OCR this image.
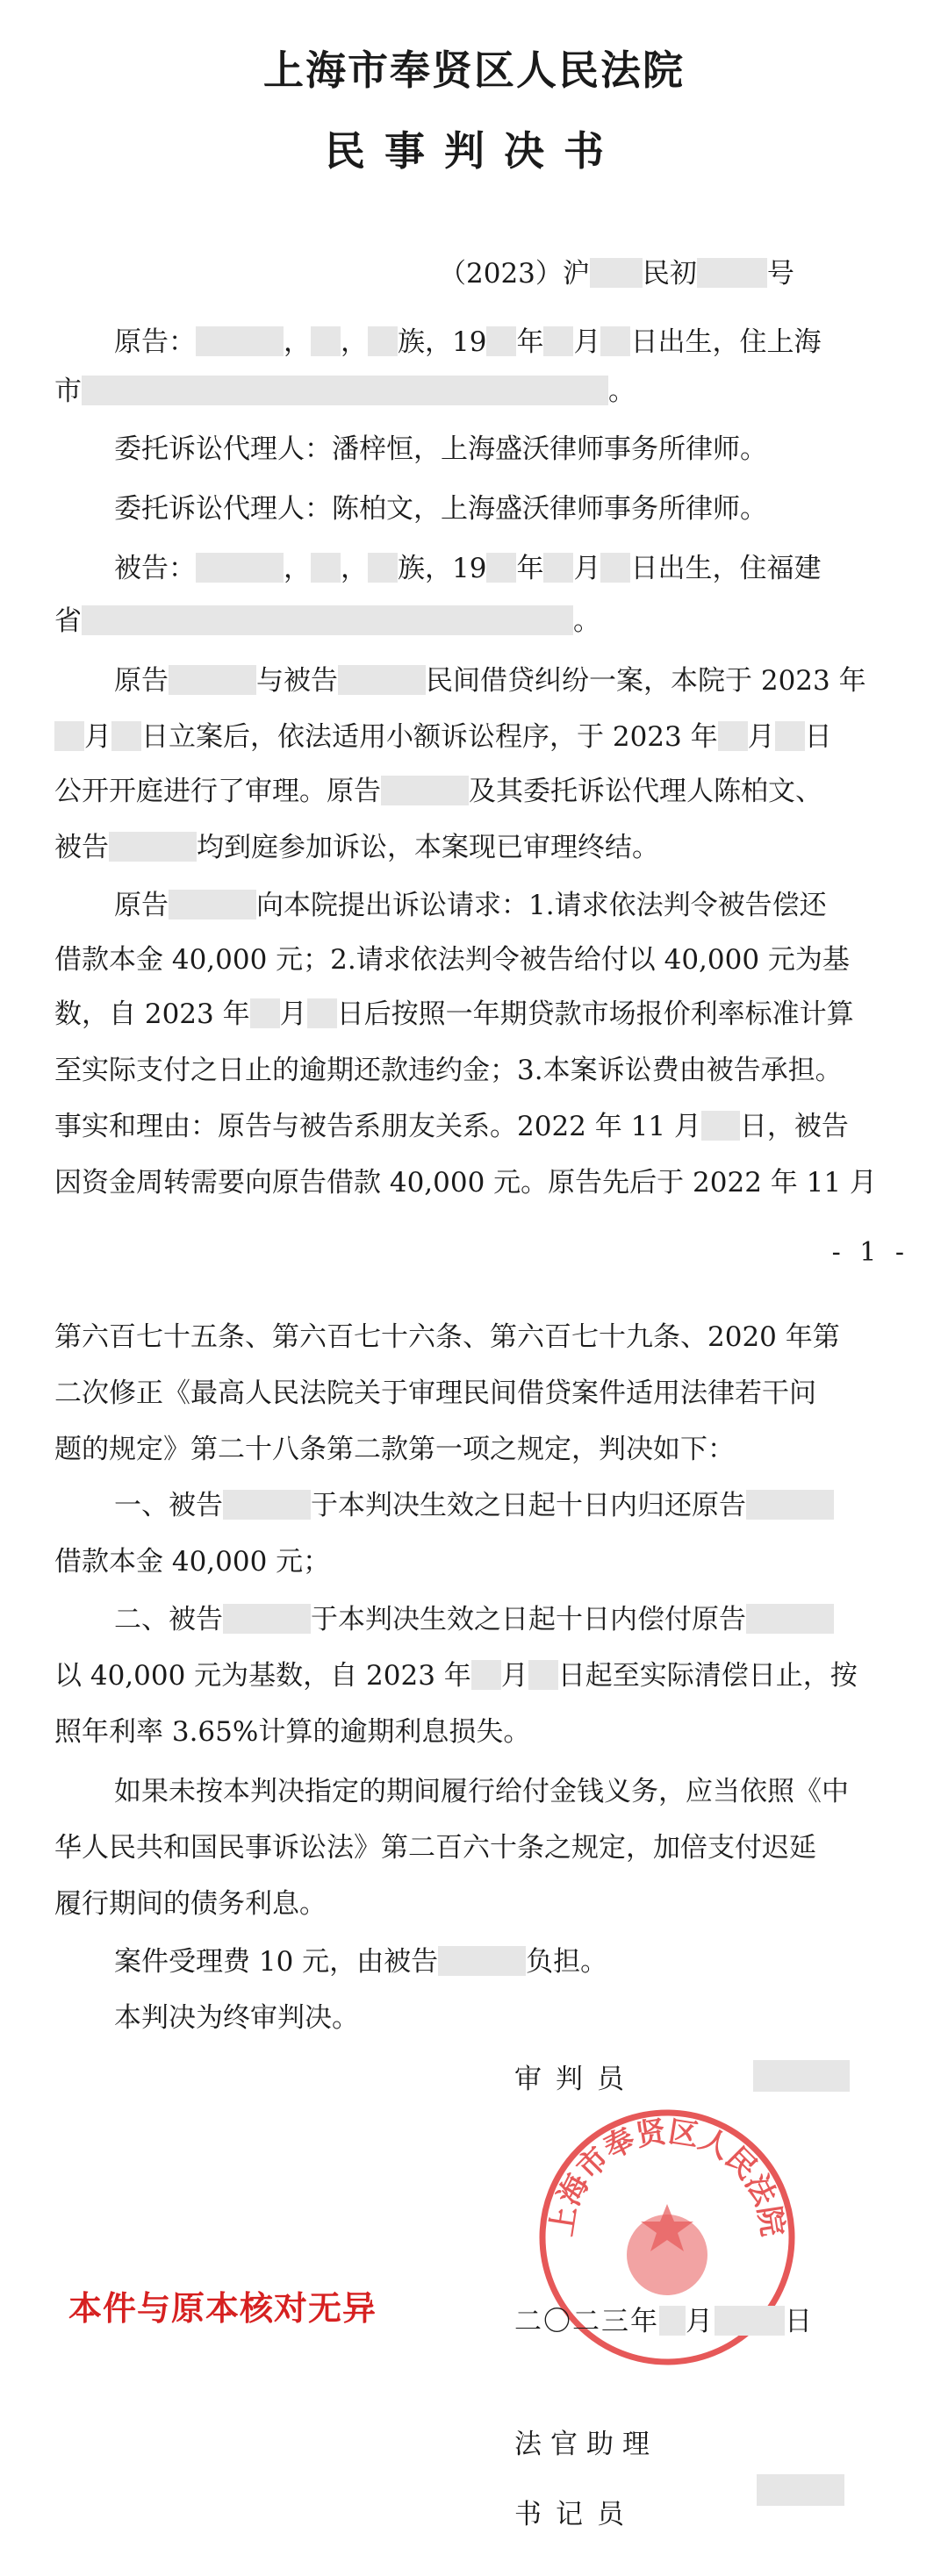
上海市奉贤区人民法院
民事判决书
（2023）沪 民初	号
原告：	， ， 族，19 年 月 日出生，住上海
市	。
委托诉讼代理人：潘梓恒，上海盛沃律师事务所律师。
委托诉讼代理人：陈柏文，上海盛沃律师事务所律师。
被告：	， ， 族，19 年 月 日出生，住福建
省	。
原告	与被告	民间借贷纠纷一案，本院于 2023 年
月 日立案后，依法适用小额诉讼程序，于 2023 年 月 日
公开开庭进行了审理。原告	及其委托诉讼代理人陈柏文、
被告	均到庭参加诉讼，本案现已审理终结。
原告	向本院提出诉讼请求：1.请求依法判令被告偿还
借款本金 40,000 元；2.请求依法判令被告给付以 40,000 元为基
数，自 2023 年 月 日后按照一年期贷款市场报价利率标准计算
至实际支付之日止的逾期还款违约金；3.本案诉讼费由被告承担。
事实和理由：原告与被告系朋友关系。2022 年 11 月 日，被告
因资金周转需要向原告借款 40,000 元。原告先后于 2022 年 11 月
- 1 -
第六百七十五条、第六百七十六条、第六百七十九条、2020 年第
二次修正《最高人民法院关于审理民间借贷案件适用法律若干问
题的规定》第二十八条第二款第一项之规定，判决如下：
一、被告	于本判决生效之日起十日内归还原告
借款本金 40,000 元；
二、被告	于本判决生效之日起十日内偿付原告
以 40,000 元为基数，自 2023 年 月 日起至实际清偿日止，按
照年利率 3.65%计算的逾期利息损失。
如果未按本判决指定的期间履行给付金钱义务，应当依照《中
华人民共和国民事诉讼法》第二百六十条之规定，加倍支付迟延
履行期间的债务利息。
案件受理费 10 元，由被告	负担。
本判决为终审判决。
审判员
上海市奉贤区人民法院
二〇二三年 月	日
本件与原本核对无异
法官助理
书记员
